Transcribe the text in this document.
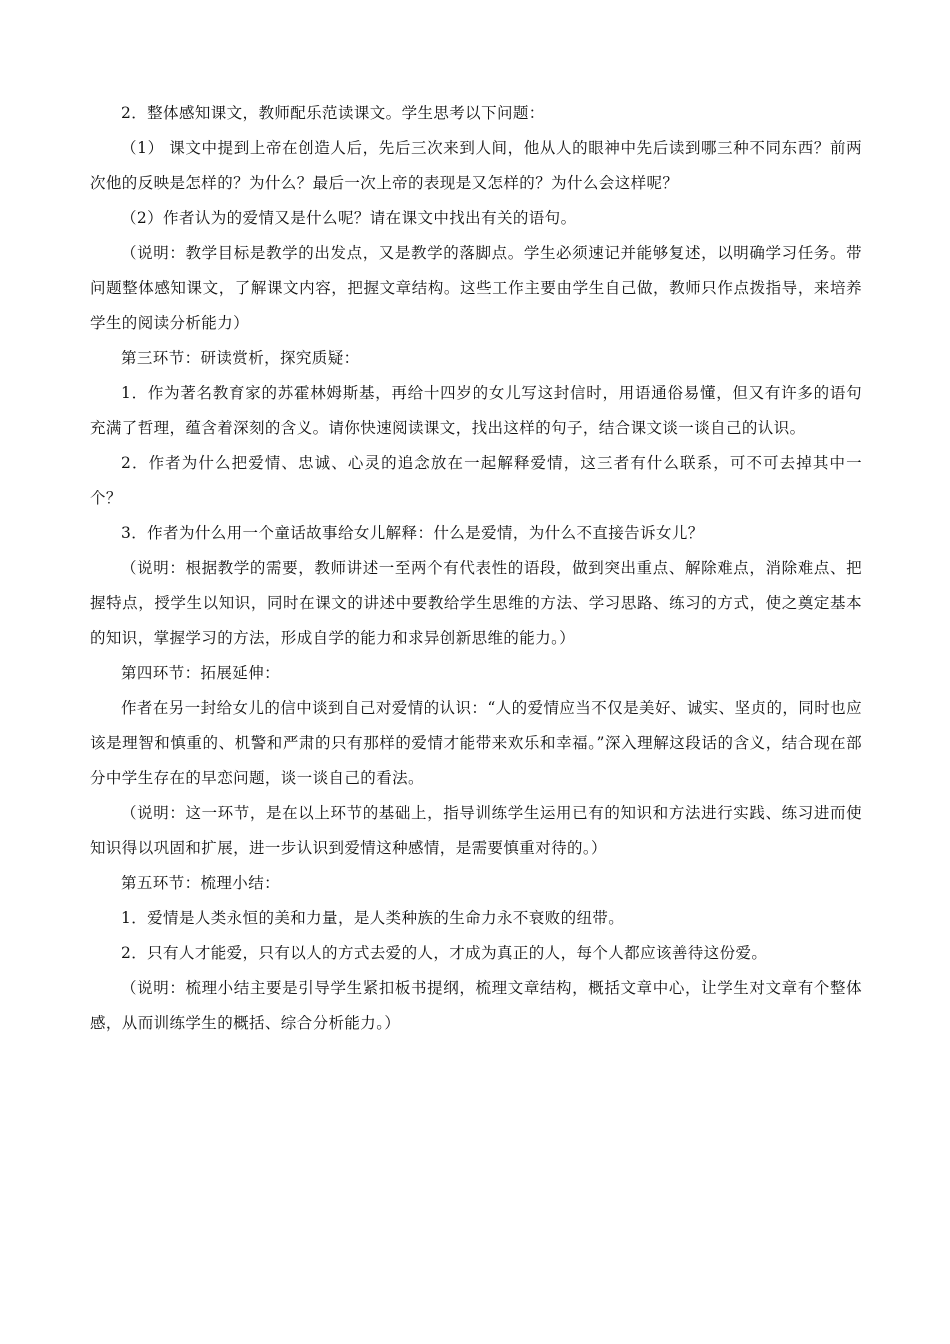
2．整体感知课文，教师配乐范读课文。学生思考以下问题：

（1） 课文中提到上帝在创造人后，先后三次来到人间，他从人的眼神中先后读到哪三种不同东西？前两次他的反映是怎样的？为什么？最后一次上帝的表现是又怎样的？为什么会这样呢？

（2）作者认为的爱情又是什么呢？请在课文中找出有关的语句。

（说明：教学目标是教学的出发点，又是教学的落脚点。学生必须速记并能够复述，以明确学习任务。带问题整体感知课文，了解课文内容，把握文章结构。这些工作主要由学生自己做，教师只作点拨指导，来培养学生的阅读分析能力）

第三环节：研读赏析，探究质疑：

1．作为著名教育家的苏霍林姆斯基，再给十四岁的女儿写这封信时，用语通俗易懂，但又有许多的语句充满了哲理，蕴含着深刻的含义。请你快速阅读课文，找出这样的句子，结合课文谈一谈自己的认识。

2．作者为什么把爱情、忠诚、心灵的追念放在一起解释爱情，这三者有什么联系，可不可去掉其中一个？

3．作者为什么用一个童话故事给女儿解释：什么是爱情，为什么不直接告诉女儿？

（说明：根据教学的需要，教师讲述一至两个有代表性的语段，做到突出重点、解除难点，消除难点、把握特点，授学生以知识，同时在课文的讲述中要教给学生思维的方法、学习思路、练习的方式，使之奠定基本的知识，掌握学习的方法，形成自学的能力和求异创新思维的能力。）

第四环节：拓展延伸：

作者在另一封给女儿的信中谈到自己对爱情的认识：“人的爱情应当不仅是美好、诚实、坚贞的，同时也应该是理智和慎重的、机警和严肃的只有那样的爱情才能带来欢乐和幸福。”深入理解这段话的含义，结合现在部分中学生存在的早恋问题，谈一谈自己的看法。

（说明：这一环节，是在以上环节的基础上，指导训练学生运用已有的知识和方法进行实践、练习进而使知识得以巩固和扩展，进一步认识到爱情这种感情，是需要慎重对待的。）

第五环节：梳理小结：

1．爱情是人类永恒的美和力量，是人类种族的生命力永不衰败的纽带。

2．只有人才能爱，只有以人的方式去爱的人，才成为真正的人，每个人都应该善待这份爱。

（说明：梳理小结主要是引导学生紧扣板书提纲，梳理文章结构，概括文章中心，让学生对文章有个整体感，从而训练学生的概括、综合分析能力。）
